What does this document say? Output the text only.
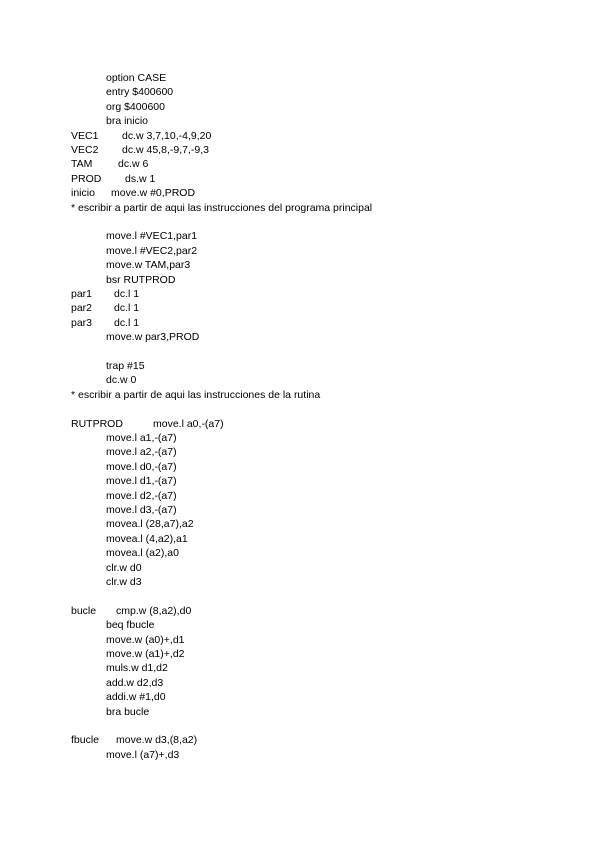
option CASE
entry $400600
org $400600
bra inicio
VEC1 dc.w 3,7,10,-4,9,20
VEC2 dc.w 45,8,-9,7,-9,3
TAM dc.w 6
PROD ds.w 1
inicio move.w #0,PROD
* escribir a partir de aqui las instrucciones del programa principal
move.l #VEC1,par1
move.l #VEC2,par2
move.w TAM,par3
bsr RUTPROD
par1 dc.l 1
par2 dc.l 1
par3 dc.l 1
move.w par3,PROD
trap #15
dc.w 0
* escribir a partir de aqui las instrucciones de la rutina
RUTPROD	move.l a0,-(a7)
move.l a1,-(a7)
move.l a2,-(a7)
move.l d0,-(a7)
move.l d1,-(a7)
move.l d2,-(a7)
move.l d3,-(a7)
movea.l (28,a7),a2
movea.l (4,a2),a1
movea.l (a2),a0
clr.w d0
clr.w d3
bucle cmp.w (8,a2),d0
beq fbucle
move.w (a0)+,d1
move.w (a1)+,d2
muls.w d1,d2
add.w d2,d3
addi.w #1,d0
bra bucle
fbucle move.w d3,(8,a2)
move.l (a7)+,d3
